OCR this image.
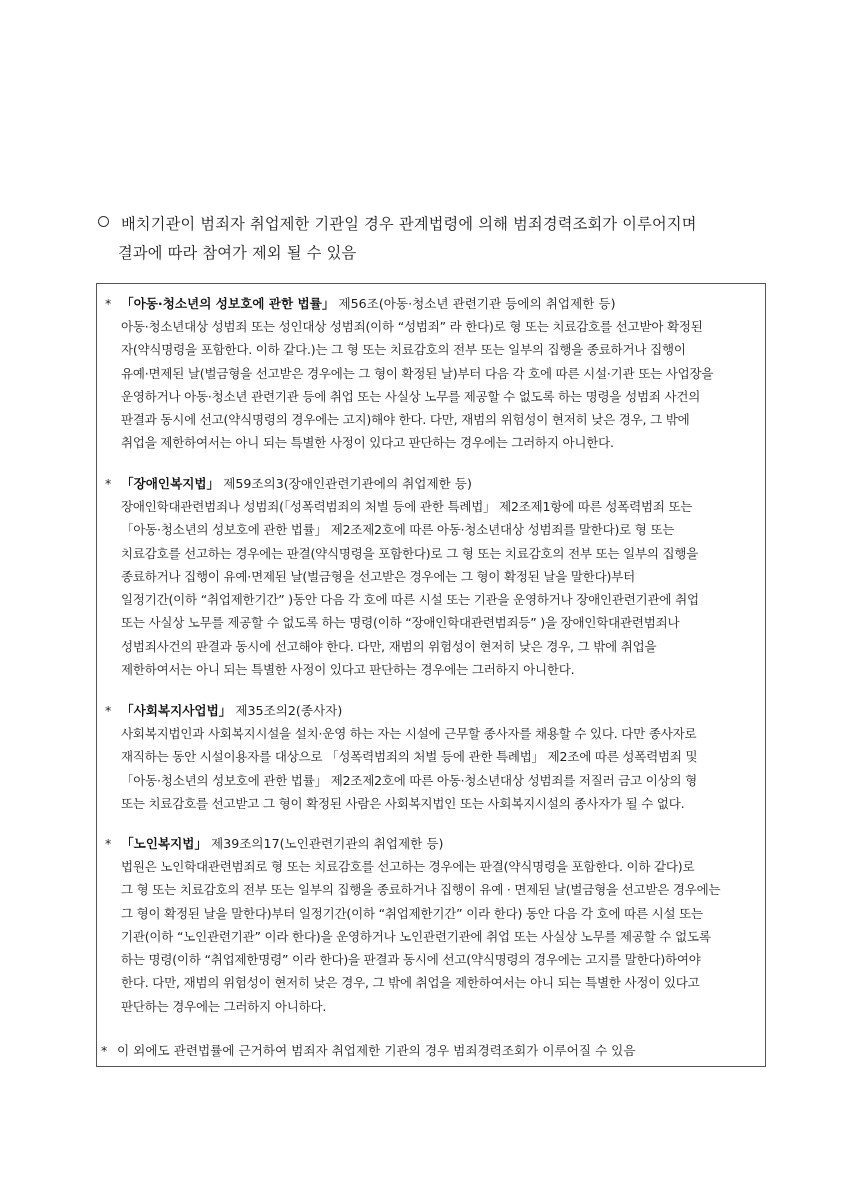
배치기관이 범죄자 취업제한 기관일 경우 관계법령에 의해 범죄경력조회가 이루어지며
결과에 따라 참여가 제외 될 수 있음
* 「아동·청소년의 성보호에 관한 법률」 제56조(아동·청소년 관련기관 등에의 취업제한 등)
아동·청소년대상 성범죄 또는 성인대상 성범죄(이하 “성범죄” 라 한다)로 형 또는 치료감호를 선고받아 확정된
자(약식명령을 포함한다. 이하 같다.)는 그 형 또는 치료감호의 전부 또는 일부의 집행을 종료하거나 집행이
유예·면제된 날(벌금형을 선고받은 경우에는 그 형이 확정된 날)부터 다음 각 호에 따른 시설·기관 또는 사업장을
운영하거나 아동·청소년 관련기관 등에 취업 또는 사실상 노무를 제공할 수 없도록 하는 명령을 성범죄 사건의
판결과 동시에 선고(약식명령의 경우에는 고지)해야 한다. 다만, 재범의 위험성이 현저히 낮은 경우, 그 밖에
취업을 제한하여서는 아니 되는 특별한 사정이 있다고 판단하는 경우에는 그러하지 아니한다.
* 「장애인복지법」 제59조의3(장애인관련기관에의 취업제한 등)
장애인학대관련범죄나 성범죄(「성폭력범죄의 처벌 등에 관한 특례법」 제2조제1항에 따른 성폭력범죄 또는
「아동·청소년의 성보호에 관한 법률」 제2조제2호에 따른 아동·청소년대상 성범죄를 말한다)로 형 또는
치료감호를 선고하는 경우에는 판결(약식명령을 포함한다)로 그 형 또는 치료감호의 전부 또는 일부의 집행을
종료하거나 집행이 유예·면제된 날(벌금형을 선고받은 경우에는 그 형이 확정된 날을 말한다)부터
일정기간(이하 “취업제한기간” )동안 다음 각 호에 따른 시설 또는 기관을 운영하거나 장애인관련기관에 취업
또는 사실상 노무를 제공할 수 없도록 하는 명령(이하 “장애인학대관련범죄등” )을 장애인학대관련범죄나
성범죄사건의 판결과 동시에 선고해야 한다. 다만, 재범의 위험성이 현저히 낮은 경우, 그 밖에 취업을
제한하여서는 아니 되는 특별한 사정이 있다고 판단하는 경우에는 그러하지 아니한다.
* 「사회복지사업법」 제35조의2(종사자)
사회복지법인과 사회복지시설을 설치·운영 하는 자는 시설에 근무할 종사자를 채용할 수 있다. 다만 종사자로
재직하는 동안 시설이용자를 대상으로 「성폭력범죄의 처벌 등에 관한 특례법」 제2조에 따른 성폭력범죄 및
「아동·청소년의 성보호에 관한 법률」 제2조제2호에 따른 아동·청소년대상 성범죄를 저질러 금고 이상의 형
또는 치료감호를 선고받고 그 형이 확정된 사람은 사회복지법인 또는 사회복지시설의 종사자가 될 수 없다.
* 「노인복지법」 제39조의17(노인관련기관의 취업제한 등)
법원은 노인학대관련범죄로 형 또는 치료감호를 선고하는 경우에는 판결(약식명령을 포함한다. 이하 같다)로
그 형 또는 치료감호의 전부 또는 일부의 집행을 종료하거나 집행이 유예 · 면제된 날(벌금형을 선고받은 경우에는
그 형이 확정된 날을 말한다)부터 일정기간(이하 “취업제한기간” 이라 한다) 동안 다음 각 호에 따른 시설 또는
기관(이하 “노인관련기관” 이라 한다)을 운영하거나 노인관련기관에 취업 또는 사실상 노무를 제공할 수 없도록
하는 명령(이하 “취업제한명령” 이라 한다)을 판결과 동시에 선고(약식명령의 경우에는 고지를 말한다)하여야
한다. 다만, 재범의 위험성이 현저히 낮은 경우, 그 밖에 취업을 제한하여서는 아니 되는 특별한 사정이 있다고
판단하는 경우에는 그러하지 아니하다.
* 이 외에도 관련법률에 근거하여 범죄자 취업제한 기관의 경우 범죄경력조회가 이루어질 수 있음
